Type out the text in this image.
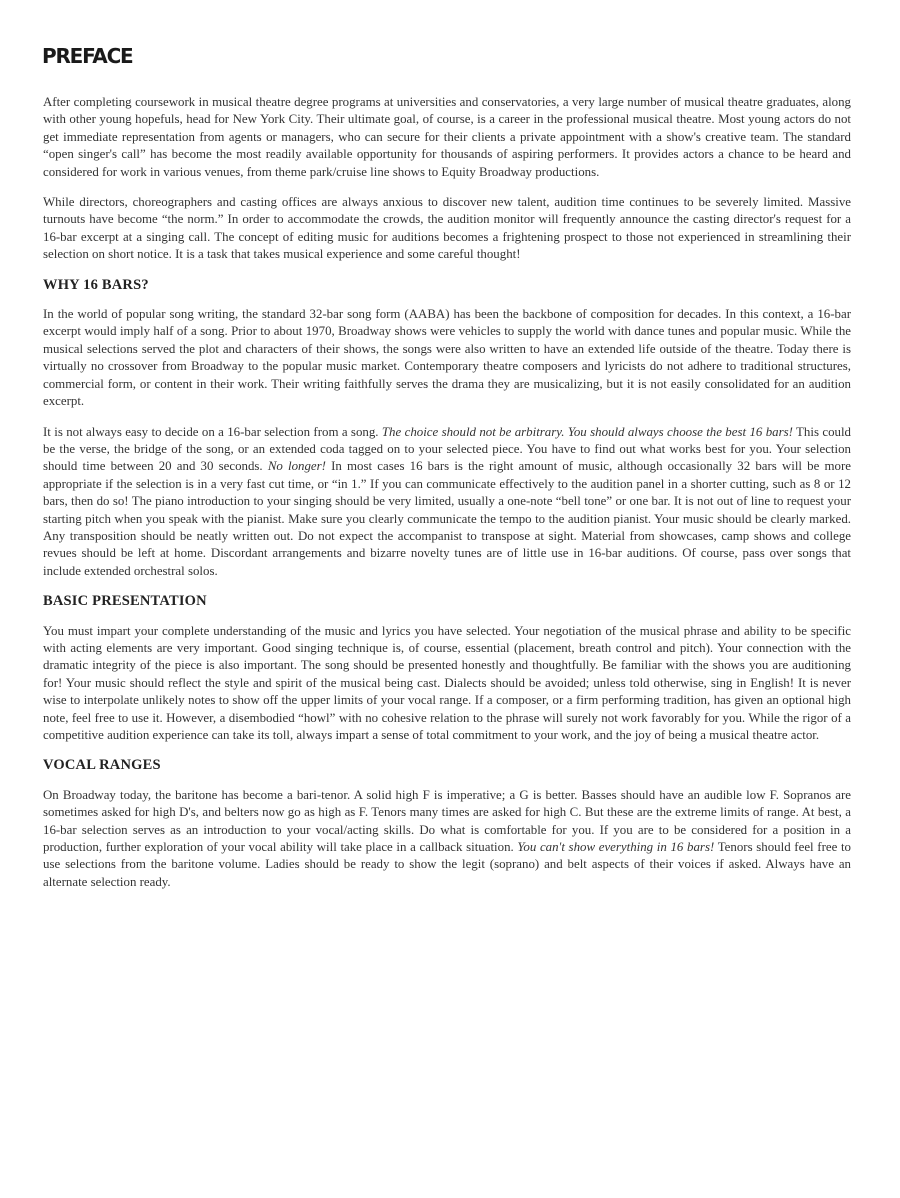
PREFACE

After completing coursework in musical theatre degree programs at universities and conservatories, a very large number of musical theatre graduates, along with other young hopefuls, head for New York City. Their ultimate goal, of course, is a career in the professional musical theatre. Most young actors do not get immediate representation from agents or managers, who can secure for their clients a private appointment with a show's creative team. The standard “open singer's call” has become the most readily available opportunity for thousands of aspiring performers. It provides actors a chance to be heard and considered for work in various venues, from theme park/cruise line shows to Equity Broadway productions.

While directors, choreographers and casting offices are always anxious to discover new talent, audition time continues to be severely limited. Massive turnouts have become “the norm.” In order to accommodate the crowds, the audition monitor will frequently announce the casting director's request for a 16-bar excerpt at a singing call. The concept of editing music for auditions becomes a frightening prospect to those not experienced in streamlining their selection on short notice. It is a task that takes musical experience and some careful thought!

WHY 16 BARS?

In the world of popular song writing, the standard 32-bar song form (AABA) has been the backbone of composition for decades. In this context, a 16-bar excerpt would imply half of a song. Prior to about 1970, Broadway shows were vehicles to supply the world with dance tunes and popular music. While the musical selections served the plot and characters of their shows, the songs were also written to have an extended life outside of the theatre. Today there is virtually no crossover from Broadway to the popular music market. Contemporary theatre composers and lyricists do not adhere to traditional structures, commercial form, or content in their work. Their writing faithfully serves the drama they are musicalizing, but it is not easily consolidated for an audition excerpt.

It is not always easy to decide on a 16-bar selection from a song. The choice should not be arbitrary. You should always choose the best 16 bars! This could be the verse, the bridge of the song, or an extended coda tagged on to your selected piece. You have to find out what works best for you. Your selection should time between 20 and 30 seconds. No longer! In most cases 16 bars is the right amount of music, although occasionally 32 bars will be more appropriate if the selection is in a very fast cut time, or “in 1.” If you can communicate effectively to the audition panel in a shorter cutting, such as 8 or 12 bars, then do so! The piano introduction to your singing should be very limited, usually a one-note “bell tone” or one bar. It is not out of line to request your starting pitch when you speak with the pianist. Make sure you clearly communicate the tempo to the audition pianist. Your music should be clearly marked. Any transposition should be neatly written out. Do not expect the accompanist to transpose at sight. Material from showcases, camp shows and college revues should be left at home. Discordant arrangements and bizarre novelty tunes are of little use in 16-bar auditions. Of course, pass over songs that include extended orchestral solos.

BASIC PRESENTATION

You must impart your complete understanding of the music and lyrics you have selected. Your negotiation of the musical phrase and ability to be specific with acting elements are very important. Good singing technique is, of course, essential (placement, breath control and pitch). Your connection with the dramatic integrity of the piece is also important. The song should be presented honestly and thoughtfully. Be familiar with the shows you are auditioning for! Your music should reflect the style and spirit of the musical being cast. Dialects should be avoided; unless told otherwise, sing in English! It is never wise to interpolate unlikely notes to show off the upper limits of your vocal range. If a composer, or a firm performing tradition, has given an optional high note, feel free to use it. However, a disembodied “howl” with no cohesive relation to the phrase will surely not work favorably for you. While the rigor of a competitive audition experience can take its toll, always impart a sense of total commitment to your work, and the joy of being a musical theatre actor.

VOCAL RANGES

On Broadway today, the baritone has become a bari-tenor. A solid high F is imperative; a G is better. Basses should have an audible low F. Sopranos are sometimes asked for high D's, and belters now go as high as F. Tenors many times are asked for high C. But these are the extreme limits of range. At best, a 16-bar selection serves as an introduction to your vocal/acting skills. Do what is comfortable for you. If you are to be considered for a position in a production, further exploration of your vocal ability will take place in a callback situation. You can't show everything in 16 bars! Tenors should feel free to use selections from the baritone volume. Ladies should be ready to show the legit (soprano) and belt aspects of their voices if asked. Always have an alternate selection ready.
